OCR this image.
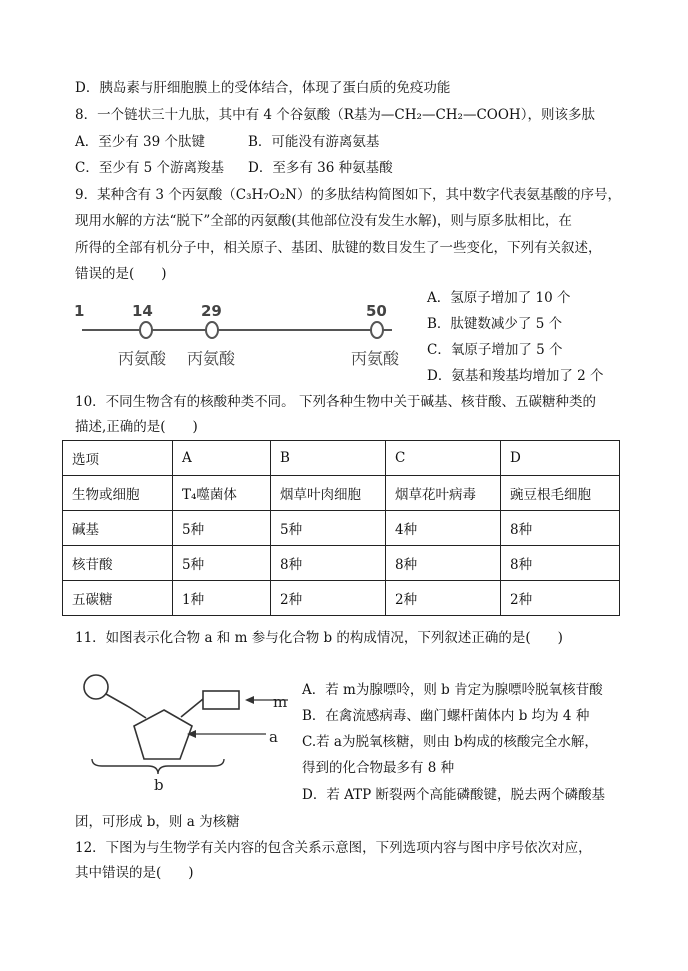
D．胰岛素与肝细胞膜上的受体结合，体现了蛋白质的免疫功能
8．一个链状三十九肽，其中有 4 个谷氨酸（R基为—CH₂—CH₂—COOH），则该多肽
A．至少有 39 个肽键	B．可能没有游离氨基
C．至少有 5 个游离羧基 D．至多有 36 种氨基酸
9．某种含有 3 个丙氨酸（C₃H₇O₂N）的多肽结构简图如下，其中数字代表氨基酸的序号，
现用水解的方法“脱下”全部的丙氨酸(其他部位没有发生水解)，则与原多肽相比，在
所得的全部有机分子中，相关原子、基团、肽键的数目发生了一些变化，下列有关叙述，
错误的是(　　)
1	14	29	50
丙氨酸 丙氨酸	丙氨酸
A．氢原子增加了 10 个
B．肽键数减少了 5 个
C．氧原子增加了 5 个
D．氨基和羧基均增加了 2 个
10．不同生物含有的核酸种类不同。 下列各种生物中关于碱基、核苷酸、五碳糖种类的
描述,正确的是(　　)
选项	A	B	C	D
生物或细胞	T₄噬菌体	烟草叶肉细胞	烟草花叶病毒	豌豆根毛细胞
碱基	5种	5种	4种	8种
核苷酸	5种	8种	8种	8种
五碳糖	1种	2种	2种	2种
11．如图表示化合物 a 和 m 参与化合物 b 的构成情况，下列叙述正确的是(　　)
m
a
b
A．若 m为腺嘌呤，则 b 肯定为腺嘌呤脱氧核苷酸
B．在禽流感病毒、幽门螺杆菌体内 b 均为 4 种
C.若 a为脱氧核糖，则由 b构成的核酸完全水解，
得到的化合物最多有 8 种
D．若 ATP 断裂两个高能磷酸键，脱去两个磷酸基
团，可形成 b，则 a 为核糖
12．下图为与生物学有关内容的包含关系示意图，下列选项内容与图中序号依次对应，
其中错误的是(　　)
